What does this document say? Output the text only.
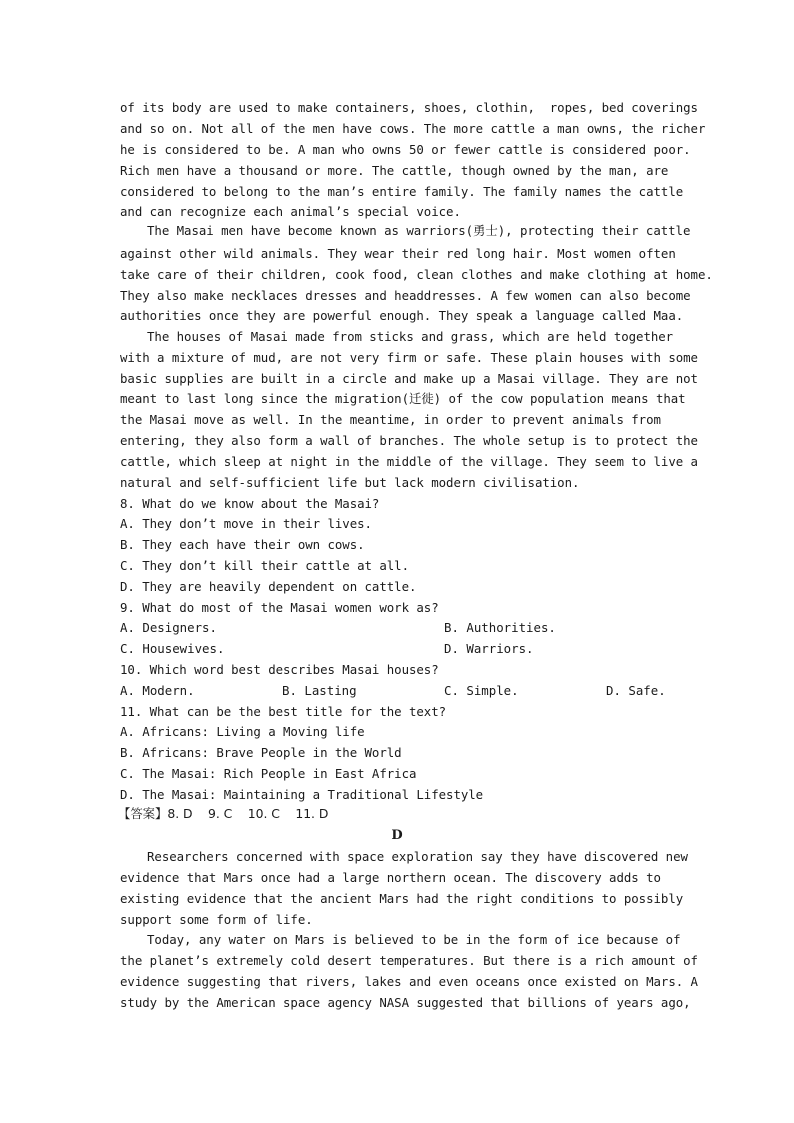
of its body are used to make containers, shoes, clothin,  ropes, bed coverings
and so on. Not all of the men have cows. The more cattle a man owns, the richer
he is considered to be. A man who owns 50 or fewer cattle is considered poor.
Rich men have a thousand or more. The cattle, though owned by the man, are
considered to belong to the man’s entire family. The family names the cattle
and can recognize each animal’s special voice.
The Masai men have become known as warriors(勇士), protecting their cattle
against other wild animals. They wear their red long hair. Most women often
take care of their children, cook food, clean clothes and make clothing at home.
They also make necklaces dresses and headdresses. A few women can also become
authorities once they are powerful enough. They speak a language called Maa.
The houses of Masai made from sticks and grass, which are held together
with a mixture of mud, are not very firm or safe. These plain houses with some
basic supplies are built in a circle and make up a Masai village. They are not
meant to last long since the migration(迁徙) of the cow population means that
the Masai move as well. In the meantime, in order to prevent animals from
entering, they also form a wall of branches. The whole setup is to protect the
cattle, which sleep at night in the middle of the village. They seem to live a
natural and self-sufficient life but lack modern civilisation.
8. What do we know about the Masai?
A. They don’t move in their lives.
B. They each have their own cows.
C. They don’t kill their cattle at all.
D. They are heavily dependent on cattle.
9. What do most of the Masai women work as?
A. Designers.	B. Authorities.
C. Housewives.	D. Warriors.
10. Which word best describes Masai houses?
A. Modern.	B. Lasting	C. Simple.	D. Safe.
11. What can be the best title for the text?
A. Africans: Living a Moving life
B. Africans: Brave People in the World
C. The Masai: Rich People in East Africa
D. The Masai: Maintaining a Traditional Lifestyle
【答案】8. D    9. C    10. C    11. D
D
Researchers concerned with space exploration say they have discovered new
evidence that Mars once had a large northern ocean. The discovery adds to
existing evidence that the ancient Mars had the right conditions to possibly
support some form of life.
Today, any water on Mars is believed to be in the form of ice because of
the planet’s extremely cold desert temperatures. But there is a rich amount of
evidence suggesting that rivers, lakes and even oceans once existed on Mars. A
study by the American space agency NASA suggested that billions of years ago,
